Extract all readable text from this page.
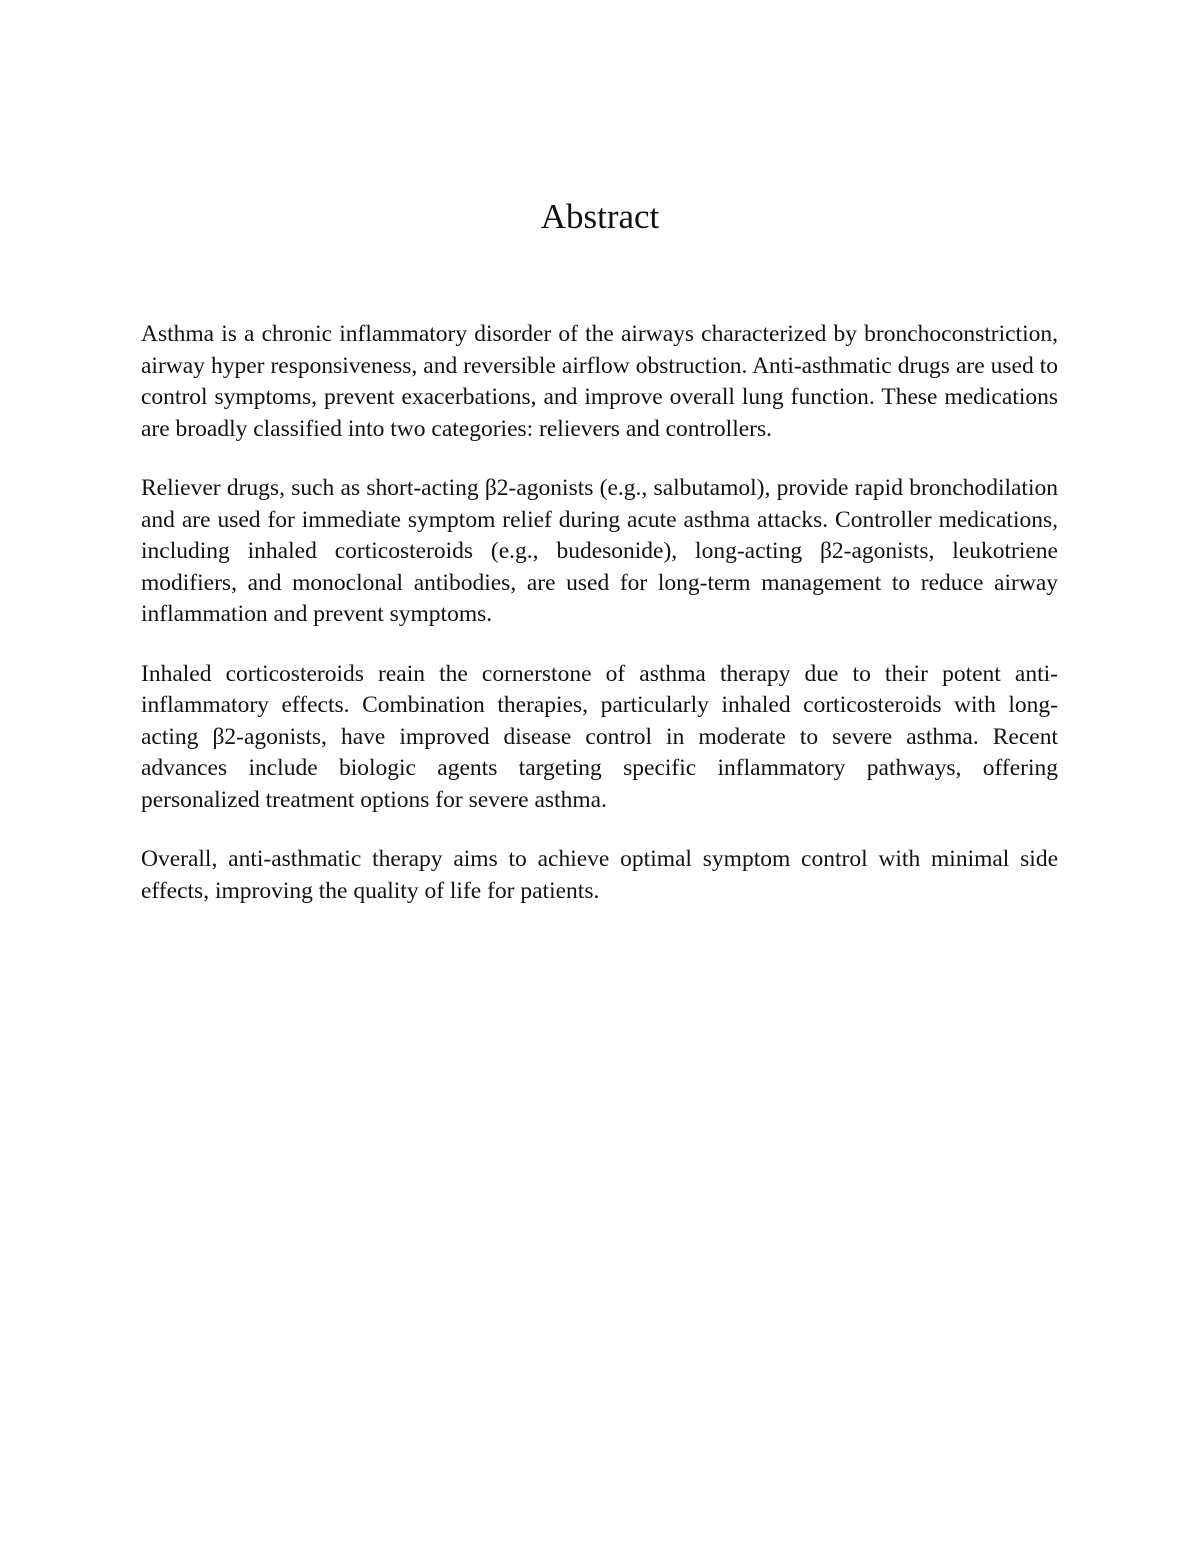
Abstract

Asthma is a chronic inflammatory disorder of the airways characterized by bronchoconstriction, airway hyper responsiveness, and reversible airflow obstruction. Anti-asthmatic drugs are used to control symptoms, prevent exacerbations, and improve overall lung function. These medications are broadly classified into two categories: relievers and controllers.

Reliever drugs, such as short-acting β2-agonists (e.g., salbutamol), provide rapid bronchodilation and are used for immediate symptom relief during acute asthma attacks. Controller medications, including inhaled corticosteroids (e.g., budesonide), long-acting β2-agonists, leukotriene modifiers, and monoclonal antibodies, are used for long-term management to reduce airway inflammation and prevent symptoms.

Inhaled corticosteroids reain the cornerstone of asthma therapy due to their potent anti-inflammatory effects. Combination therapies, particularly inhaled corticosteroids with long-acting β2-agonists, have improved disease control in moderate to severe asthma. Recent advances include biologic agents targeting specific inflammatory pathways, offering personalized treatment options for severe asthma.

Overall, anti-asthmatic therapy aims to achieve optimal symptom control with minimal side effects, improving the quality of life for patients.
